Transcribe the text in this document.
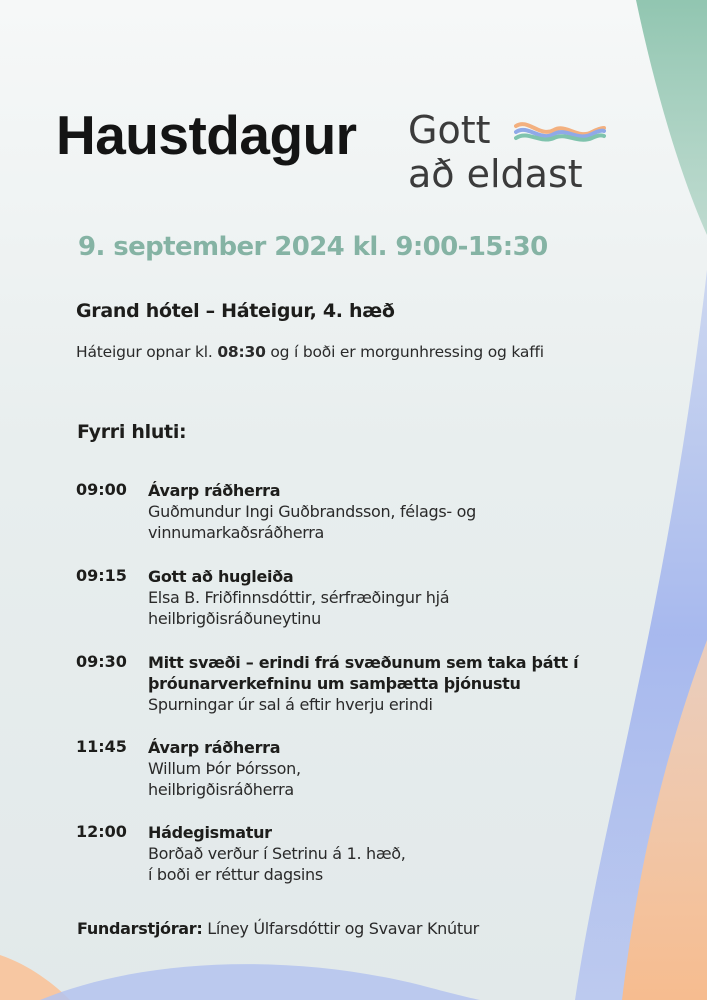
Haustdagur Gott
að eldast
9. september 2024 kl. 9:00-15:30
Grand hótel – Háteigur, 4. hæð
Háteigur opnar kl. 08:30 og í boði er morgunhressing og kaffi
Fyrri hluti:
09:00 Ávarp ráðherra
Guðmundur Ingi Guðbrandsson, félags- og
vinnumarkaðsráðherra
09:15 Gott að hugleiða
Elsa B. Friðfinnsdóttir, sérfræðingur hjá
heilbrigðisráðuneytinu
09:30 Mitt svæði – erindi frá svæðunum sem taka þátt í
þróunarverkefninu um samþætta þjónustu
Spurningar úr sal á eftir hverju erindi
11:45 Ávarp ráðherra
Willum Þór Þórsson,
heilbrigðisráðherra
12:00 Hádegismatur
Borðað verður í Setrinu á 1. hæð,
í boði er réttur dagsins
Fundarstjórar: Líney Úlfarsdóttir og Svavar Knútur
